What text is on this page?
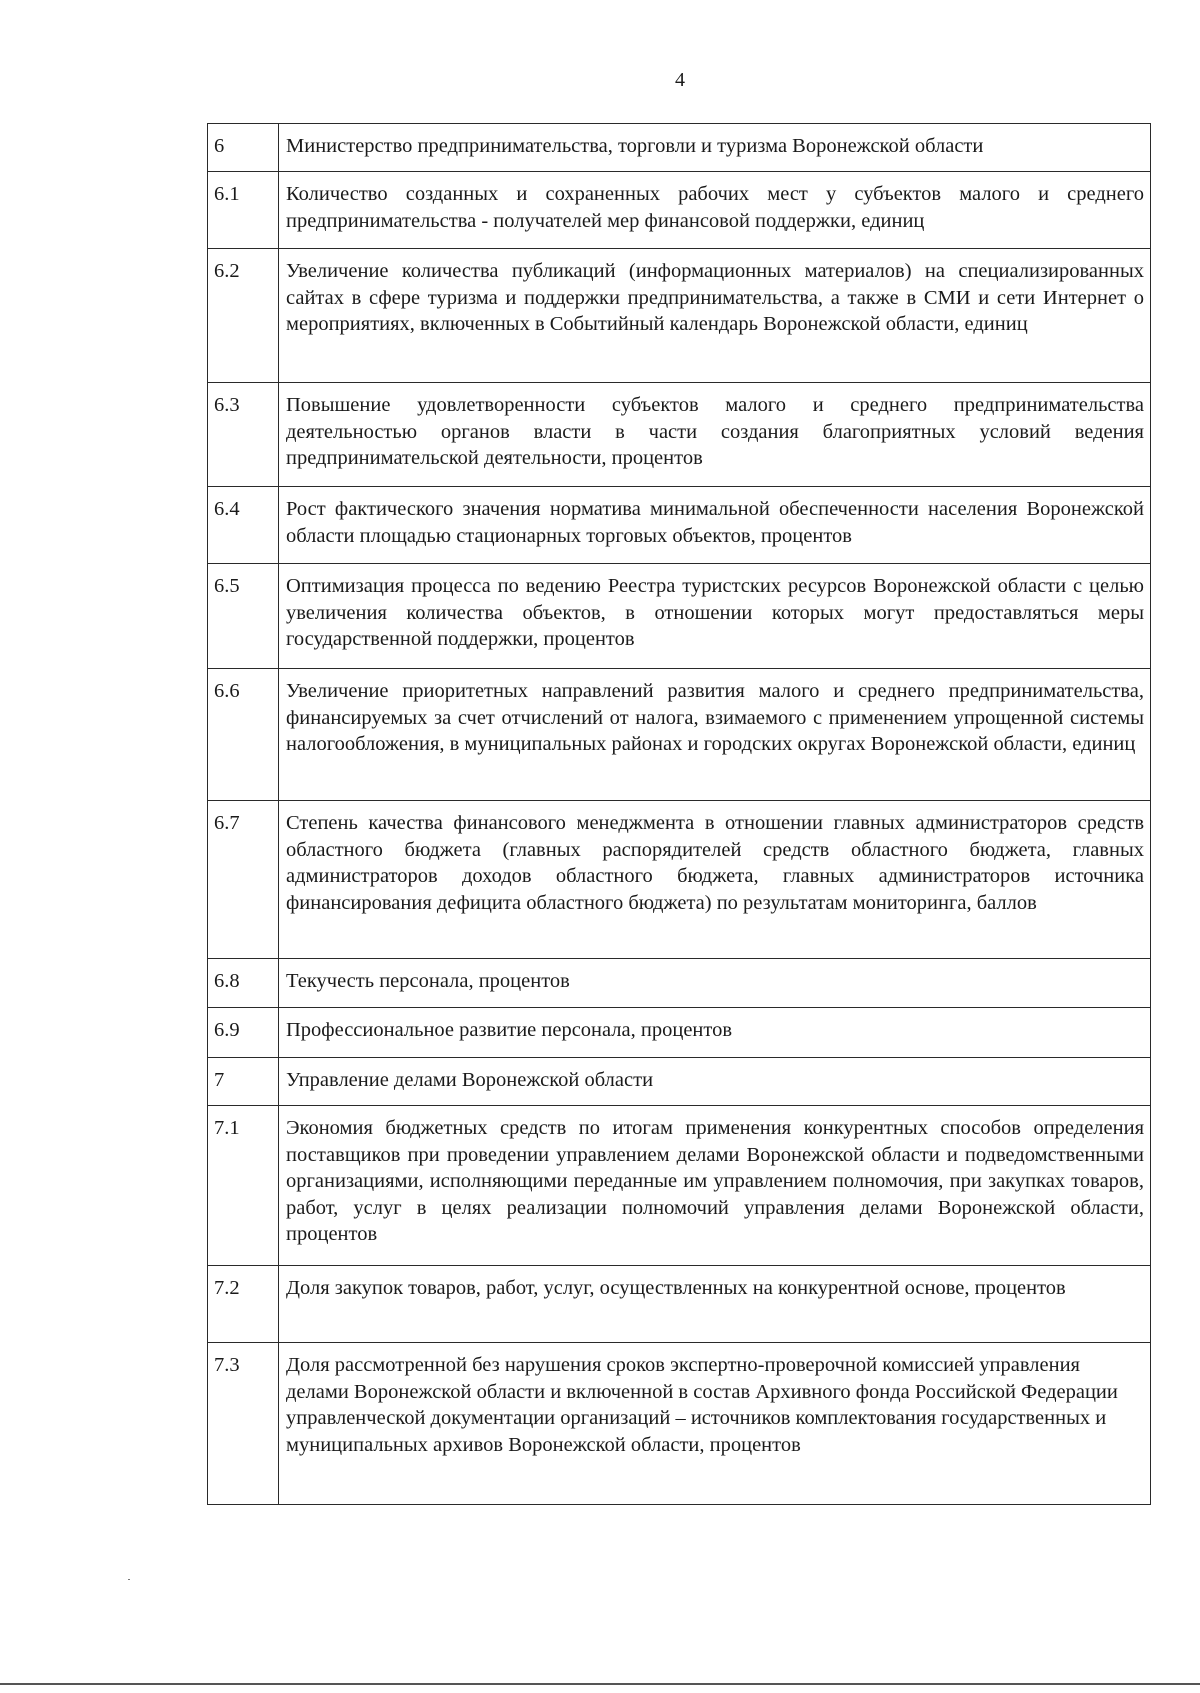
4
6	Министерство предпринимательства, торговли и туризма Воронежской области
6.1	Количество созданных и сохраненных рабочих мест у субъектов малого и среднего предпринимательства - получателей мер финансовой поддержки, единиц
6.2	Увеличение количества публикаций (информационных материалов) на специализированных сайтах в сфере туризма и поддержки предпринимательства, а также в СМИ и сети Интернет о мероприятиях, включенных в Событийный календарь Воронежской области, единиц
6.3	Повышение удовлетворенности субъектов малого и среднего предпринимательства деятельностью органов власти в части создания благоприятных условий ведения предпринимательской деятельности, процентов
6.4	Рост фактического значения норматива минимальной обеспеченности населения Воронежской области площадью стационарных торговых объектов, процентов
6.5	Оптимизация процесса по ведению Реестра туристских ресурсов Воронежской области с целью увеличения количества объектов, в отношении которых могут предоставляться меры государственной поддержки, процентов
6.6	Увеличение приоритетных направлений развития малого и среднего предпринимательства, финансируемых за счет отчислений от налога, взимаемого с применением упрощенной системы налогообложения, в муниципальных районах и городских округах Воронежской области, единиц
6.7	Степень качества финансового менеджмента в отношении главных администраторов средств областного бюджета (главных распорядителей средств областного бюджета, главных администраторов доходов областного бюджета, главных администраторов источника финансирования дефицита областного бюджета) по результатам мониторинга, баллов
6.8	Текучесть персонала, процентов
6.9	Профессиональное развитие персонала, процентов
7	Управление делами Воронежской области
7.1	Экономия бюджетных средств по итогам применения конкурентных способов определения поставщиков при проведении управлением делами Воронежской области и подведомственными организациями, исполняющими переданные им управлением полномочия, при закупках товаров, работ, услуг в целях реализации полномочий управления делами Воронежской области, процентов
7.2	Доля закупок товаров, работ, услуг, осуществленных на конкурентной основе, процентов
7.3	Доля рассмотренной без нарушения сроков экспертно-проверочной комиссией управления делами Воронежской области и включенной в состав Архивного фонда Российской Федерации управленческой документации организаций – источников комплектования государственных и муниципальных архивов Воронежской области, процентов
